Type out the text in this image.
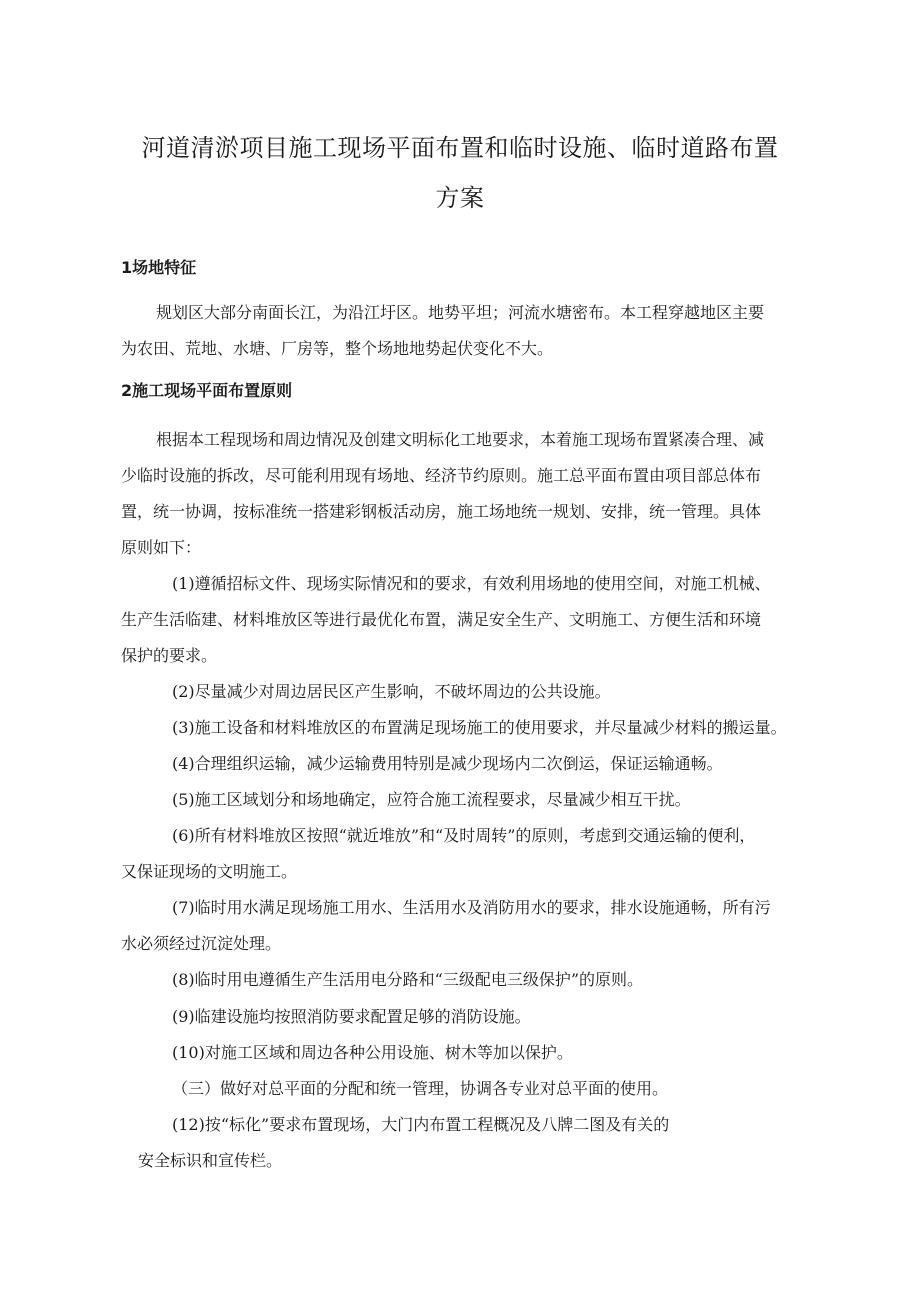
河道清淤项目施工现场平面布置和临时设施、临时道路布置
方案
1场地特征
规划区大部分南面长江，为沿江圩区。地势平坦；河流水塘密布。本工程穿越地区主要
为农田、荒地、水塘、厂房等，整个场地地势起伏变化不大。
2施工现场平面布置原则
根据本工程现场和周边情况及创建文明标化工地要求，本着施工现场布置紧凑合理、减
少临时设施的拆改，尽可能利用现有场地、经济节约原则。施工总平面布置由项目部总体布
置，统一协调，按标准统一搭建彩钢板活动房，施工场地统一规划、安排，统一管理。具体
原则如下：
(1)遵循招标文件、现场实际情况和的要求，有效利用场地的使用空间，对施工机械、
生产生活临建、材料堆放区等进行最优化布置，满足安全生产、文明施工、方便生活和环境
保护的要求。
(2)尽量减少对周边居民区产生影响，不破坏周边的公共设施。
(3)施工设备和材料堆放区的布置满足现场施工的使用要求，并尽量减少材料的搬运量。
(4)合理组织运输，减少运输费用特别是减少现场内二次倒运，保证运输通畅。
(5)施工区域划分和场地确定，应符合施工流程要求，尽量减少相互干扰。
(6)所有材料堆放区按照“就近堆放”和“及时周转”的原则，考虑到交通运输的便利，
又保证现场的文明施工。
(7)临时用水满足现场施工用水、生活用水及消防用水的要求，排水设施通畅，所有污
水必须经过沉淀处理。
(8)临时用电遵循生产生活用电分路和“三级配电三级保护”的原则。
(9)临建设施均按照消防要求配置足够的消防设施。
(10)对施工区域和周边各种公用设施、树木等加以保护。
（三）做好对总平面的分配和统一管理，协调各专业对总平面的使用。
(12)按“标化”要求布置现场，大门内布置工程概况及八牌二图及有关的
安全标识和宣传栏。
